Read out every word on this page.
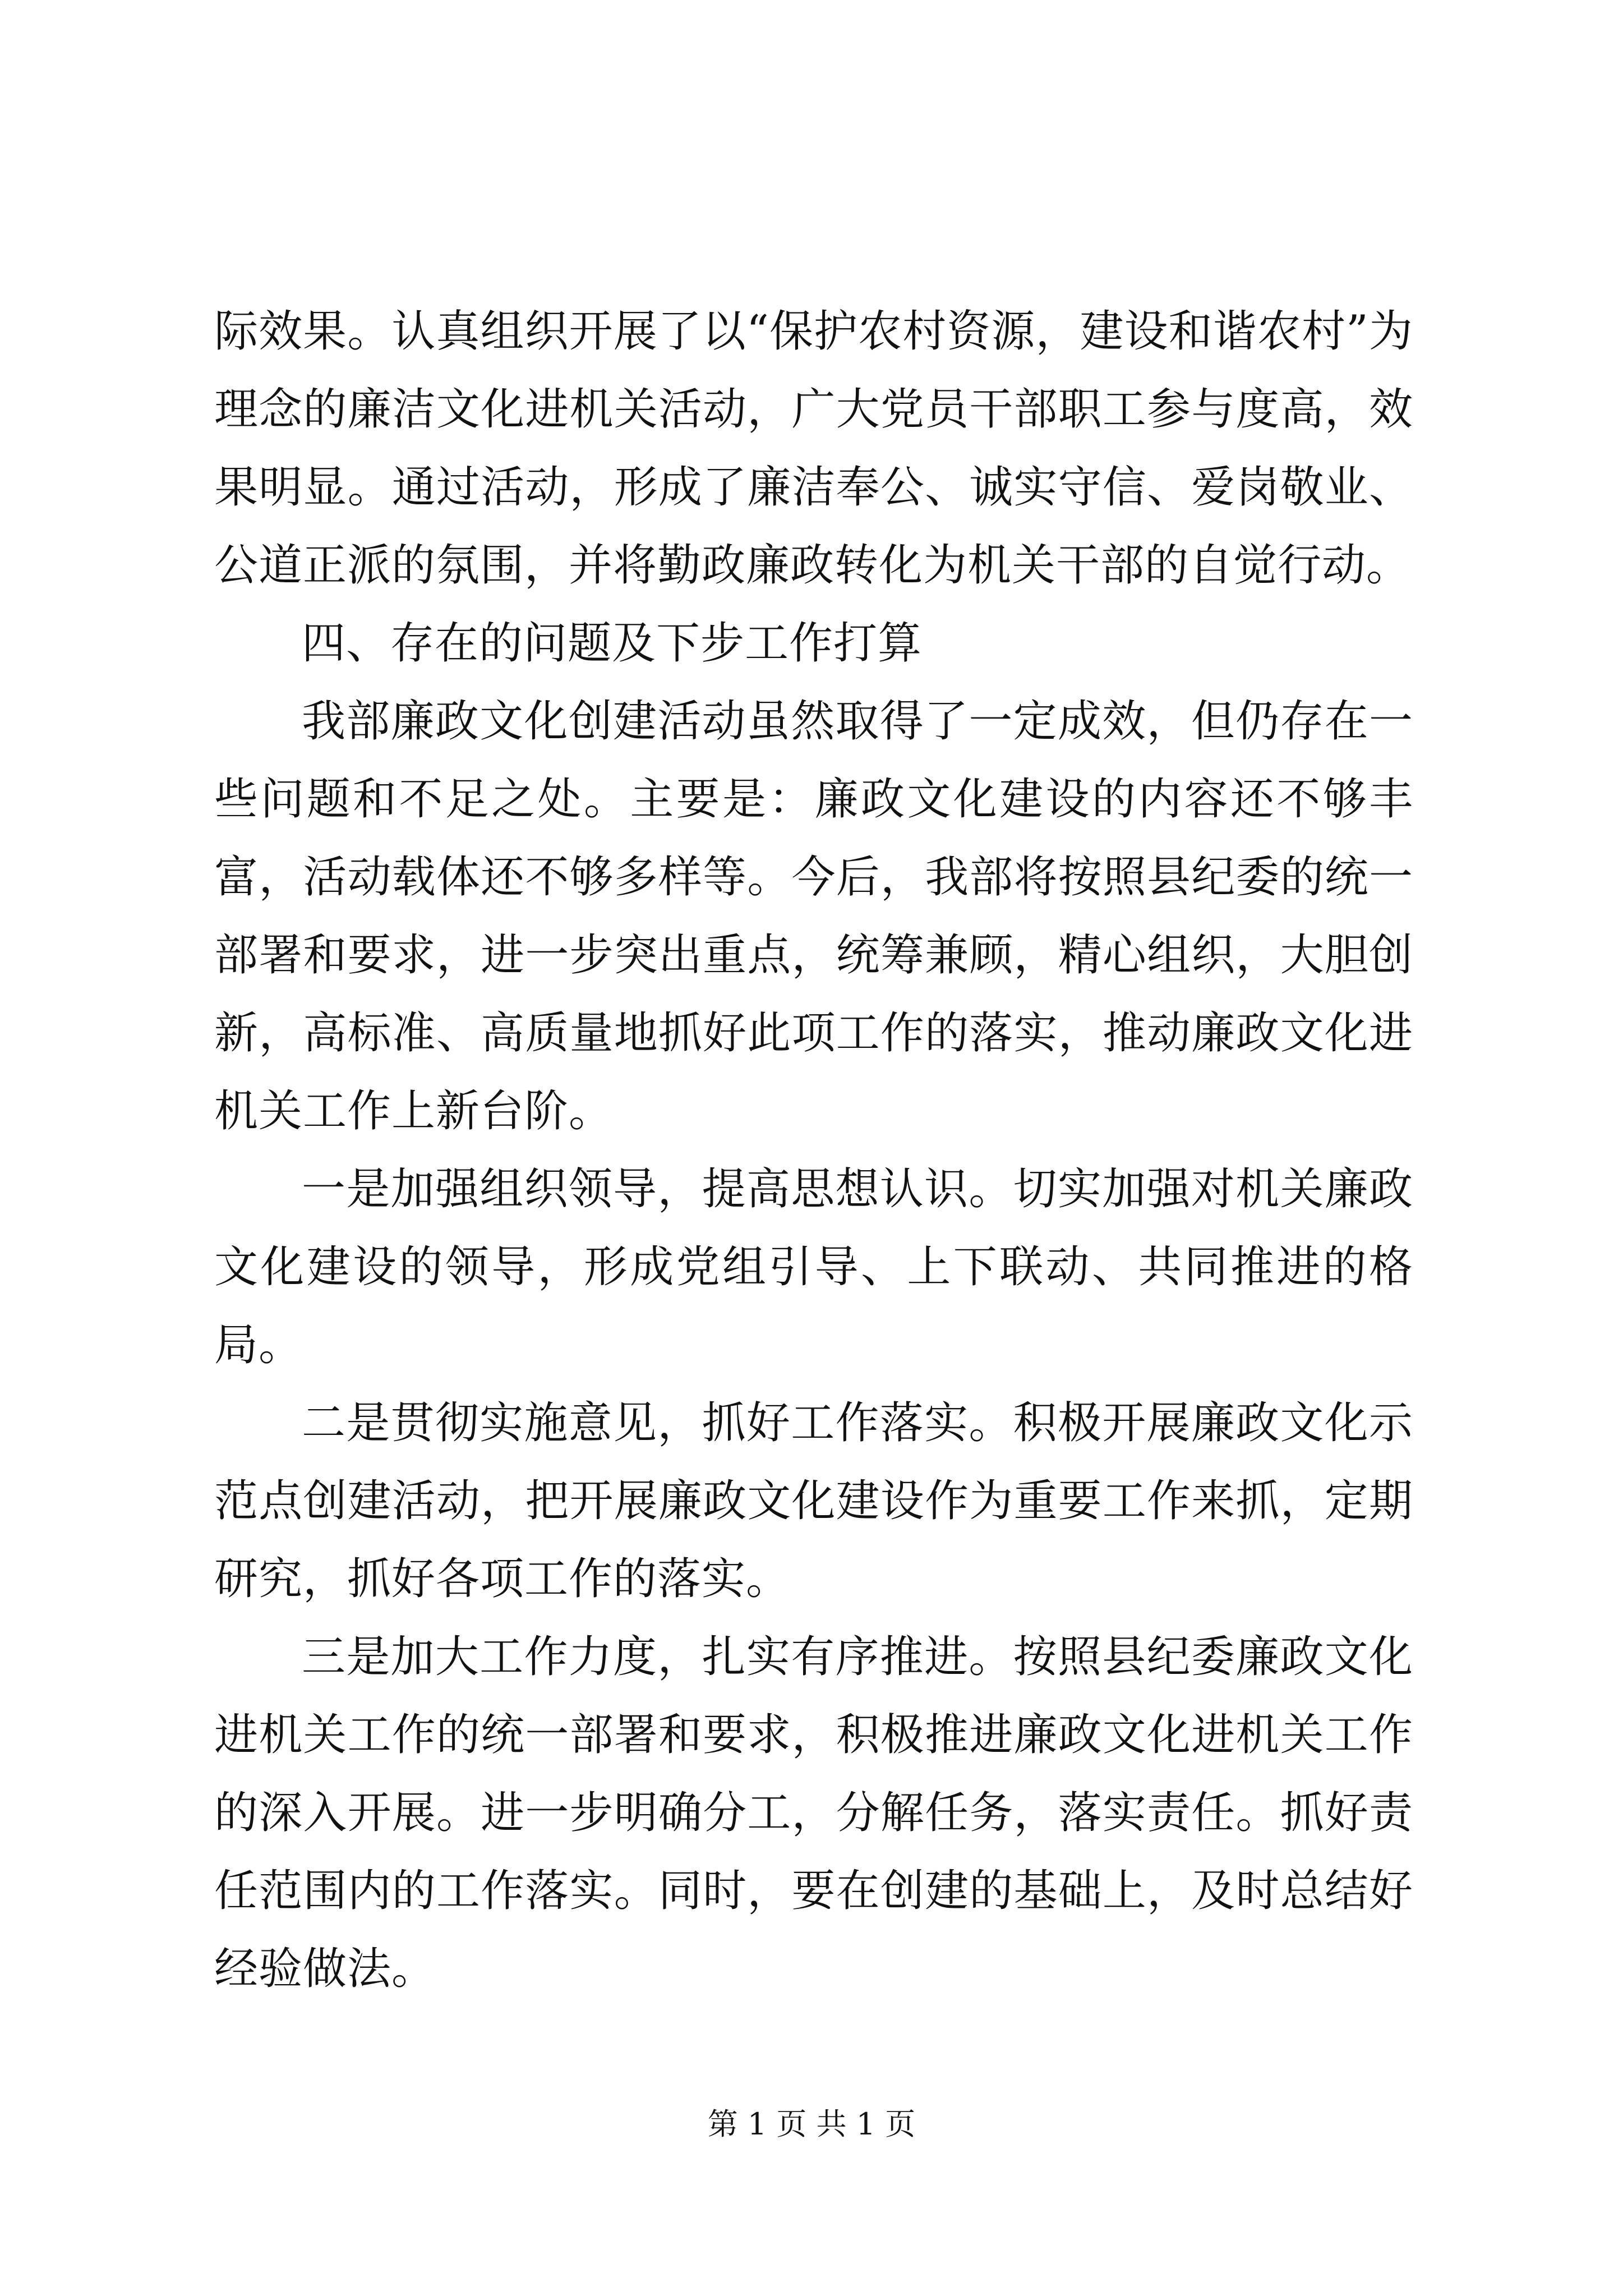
际效果。认真组织开展了以“保护农村资源，建设和谐农村”为理念的廉洁文化进机关活动，广大党员干部职工参与度高，效果明显。通过活动，形成了廉洁奉公、诚实守信、爱岗敬业、公道正派的氛围，并将勤政廉政转化为机关干部的自觉行动。

四、存在的问题及下步工作打算

我部廉政文化创建活动虽然取得了一定成效，但仍存在一些问题和不足之处。主要是：廉政文化建设的内容还不够丰富，活动载体还不够多样等。今后，我部将按照县纪委的统一部署和要求，进一步突出重点，统筹兼顾，精心组织，大胆创新，高标准、高质量地抓好此项工作的落实，推动廉政文化进机关工作上新台阶。

一是加强组织领导，提高思想认识。切实加强对机关廉政文化建设的领导，形成党组引导、上下联动、共同推进的格局。

二是贯彻实施意见，抓好工作落实。积极开展廉政文化示范点创建活动，把开展廉政文化建设作为重要工作来抓，定期研究，抓好各项工作的落实。

三是加大工作力度，扎实有序推进。按照县纪委廉政文化进机关工作的统一部署和要求，积极推进廉政文化进机关工作的深入开展。进一步明确分工，分解任务，落实责任。抓好责任范围内的工作落实。同时，要在创建的基础上，及时总结好经验做法。

第 1 页 共 1 页
